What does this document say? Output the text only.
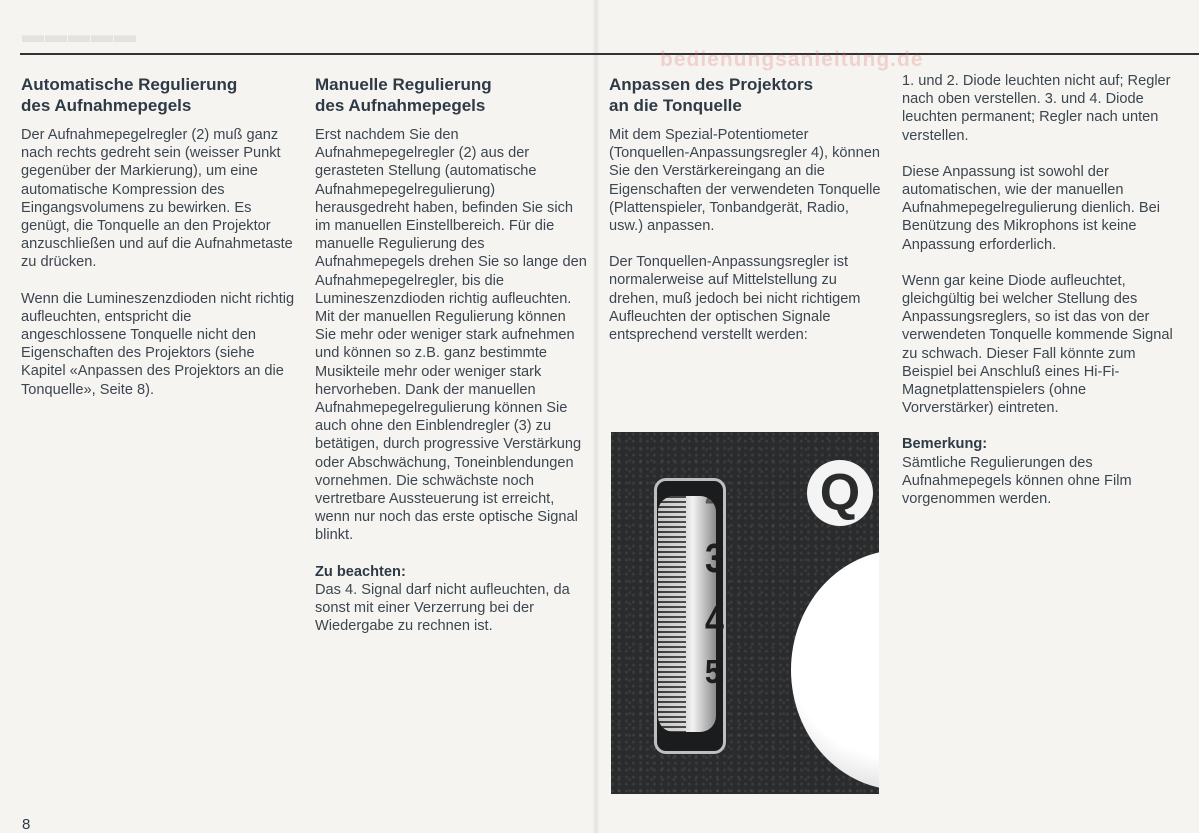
▬▬▬▬▬
bedienungsanleitung.de
Automatische Regulierung
des Aufnahmepegels

Der Aufnahmepegelregler (2) muß ganz nach rechts gedreht sein (weisser Punkt gegenüber der Markierung), um eine automatische Kompression des Eingangsvolumens zu bewirken. Es genügt, die Tonquelle an den Projektor anzuschließen und auf die Aufnahmetaste zu drücken.

Wenn die Lumineszenzdioden nicht richtig aufleuchten, entspricht die angeschlossene Tonquelle nicht den Eigenschaften des Projektors (siehe Kapitel «Anpassen des Projektors an die Tonquelle», Seite 8).

Manuelle Regulierung
des Aufnahmepegels

Erst nachdem Sie den Aufnahmepegelregler (2) aus der gerasteten Stellung (automatische Aufnahmepegelregulierung) herausgedreht haben, befinden Sie sich im manuellen Einstellbereich. Für die manuelle Regulierung des Aufnahmepegels drehen Sie so lange den Aufnahmepegelregler, bis die Lumineszenzdioden richtig aufleuchten. Mit der manuellen Regulierung können Sie mehr oder weniger stark aufnehmen und können so z.B. ganz bestimmte Musikteile mehr oder weniger stark hervorheben. Dank der manuellen Aufnahmepegelregulierung können Sie auch ohne den Einblendregler (3) zu betätigen, durch progressive Verstärkung oder Abschwächung, Toneinblendungen vornehmen. Die schwächste noch vertretbare Aussteuerung ist erreicht, wenn nur noch das erste optische Signal blinkt.

Zu beachten:
Das 4. Signal darf nicht aufleuchten, da sonst mit einer Verzerrung bei der Wiedergabe zu rechnen ist.
Anpassen des Projektors
an die Tonquelle

Mit dem Spezial-Potentiometer (Tonquellen-Anpassungsregler 4), können Sie den Verstärkereingang an die Eigenschaften der verwendeten Tonquelle (Plattenspieler, Tonbandgerät, Radio, usw.) anpassen.

Der Tonquellen-Anpassungsregler ist normalerweise auf Mittelstellung zu drehen, muß jedoch bei nicht richtigem Aufleuchten der optischen Signale entsprechend verstellt werden:

2
3
4
5
Q

1. und 2. Diode leuchten nicht auf; Regler nach oben verstellen. 3. und 4. Diode leuchten permanent; Regler nach unten verstellen.

Diese Anpassung ist sowohl der automatischen, wie der manuellen Aufnahmepegelregulierung dienlich. Bei Benützung des Mikrophons ist keine Anpassung erforderlich.

Wenn gar keine Diode aufleuchtet, gleichgültig bei welcher Stellung des Anpassungsreglers, so ist das von der verwendeten Tonquelle kommende Signal zu schwach. Dieser Fall könnte zum Beispiel bei Anschluß eines Hi-Fi-Magnetplattenspielers (ohne Vorverstärker) eintreten.

Bemerkung:
Sämtliche Regulierungen des Aufnahmepegels können ohne Film vorgenommen werden.
8
